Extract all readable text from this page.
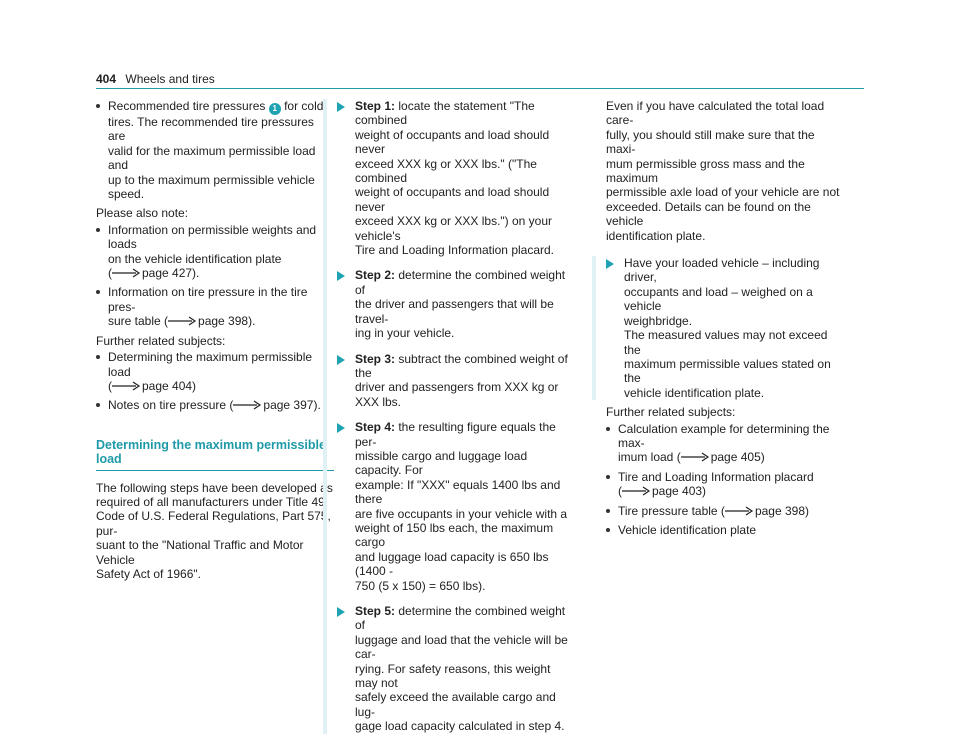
404 Wheels and tires
Recommended tire pressures 1 for cold
tires. The recommended tire pressures are
valid for the maximum permissible load and
up to the maximum permissible vehicle
speed.
Please also note:
Information on permissible weights and loads
on the vehicle identification plate
(	page 427).
Information on tire pressure in the tire pres-
sure table (	page 398).
Further related subjects:
Determining the maximum permissible load
(	page 404)
Notes on tire pressure (	page 397).
Determining the maximum permissible load
The following steps have been developed as
required of all manufacturers under Title 49,
Code of U.S. Federal Regulations, Part 575, pur-
suant to the "National Traffic and Motor Vehicle
Safety Act of 1966".
Step 1: locate the statement "The combined
weight of occupants and load should never
exceed XXX kg or XXX lbs." ("The combined
weight of occupants and load should never
exceed XXX kg or XXX lbs.") on your vehicle's
Tire and Loading Information placard.
Step 2: determine the combined weight of
the driver and passengers that will be travel-
ing in your vehicle.
Step 3: subtract the combined weight of the
driver and passengers from XXX kg or
XXX lbs.
Step 4: the resulting figure equals the per-
missible cargo and luggage load capacity. For
example: If "XXX" equals 1400 lbs and there
are five occupants in your vehicle with a
weight of 150 lbs each, the maximum cargo
and luggage load capacity is 650 lbs (1400 -
750 (5 x 150) = 650 lbs).
Step 5: determine the combined weight of
luggage and load that the vehicle will be car-
rying. For safety reasons, this weight may not
safely exceed the available cargo and lug-
gage load capacity calculated in step 4.
Even if you have calculated the total load care-
fully, you should still make sure that the maxi-
mum permissible gross mass and the maximum
permissible axle load of your vehicle are not
exceeded. Details can be found on the vehicle
identification plate.
Have your loaded vehicle – including driver,
occupants and load – weighed on a vehicle
weighbridge.
The measured values may not exceed the
maximum permissible values stated on the
vehicle identification plate.
Further related subjects:
Calculation example for determining the max-
imum load (	page 405)
Tire and Loading Information placard
(	page 403)
Tire pressure table (	page 398)
Vehicle identification plate
